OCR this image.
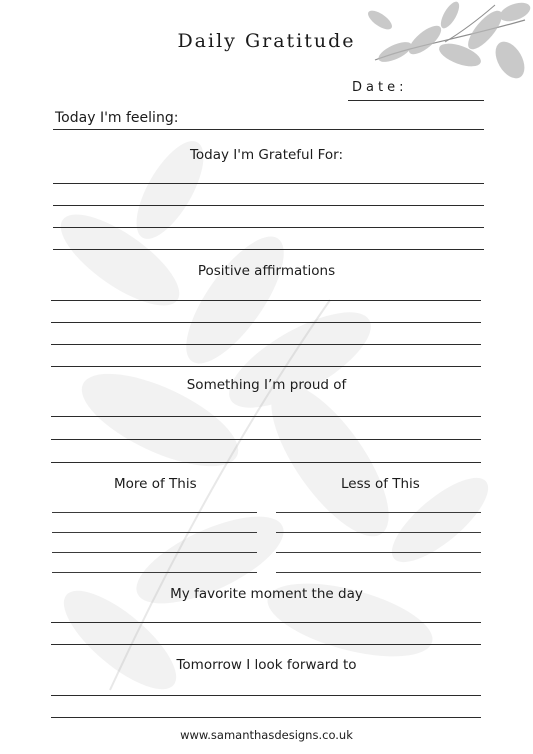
Daily Gratitude
Date:
Today I'm feeling:
Today I'm Grateful For:
Positive affirmations
Something I’m proud of
More of This	Less of This
My favorite moment the day
Tomorrow I look forward to
www.samanthasdesigns.co.uk
